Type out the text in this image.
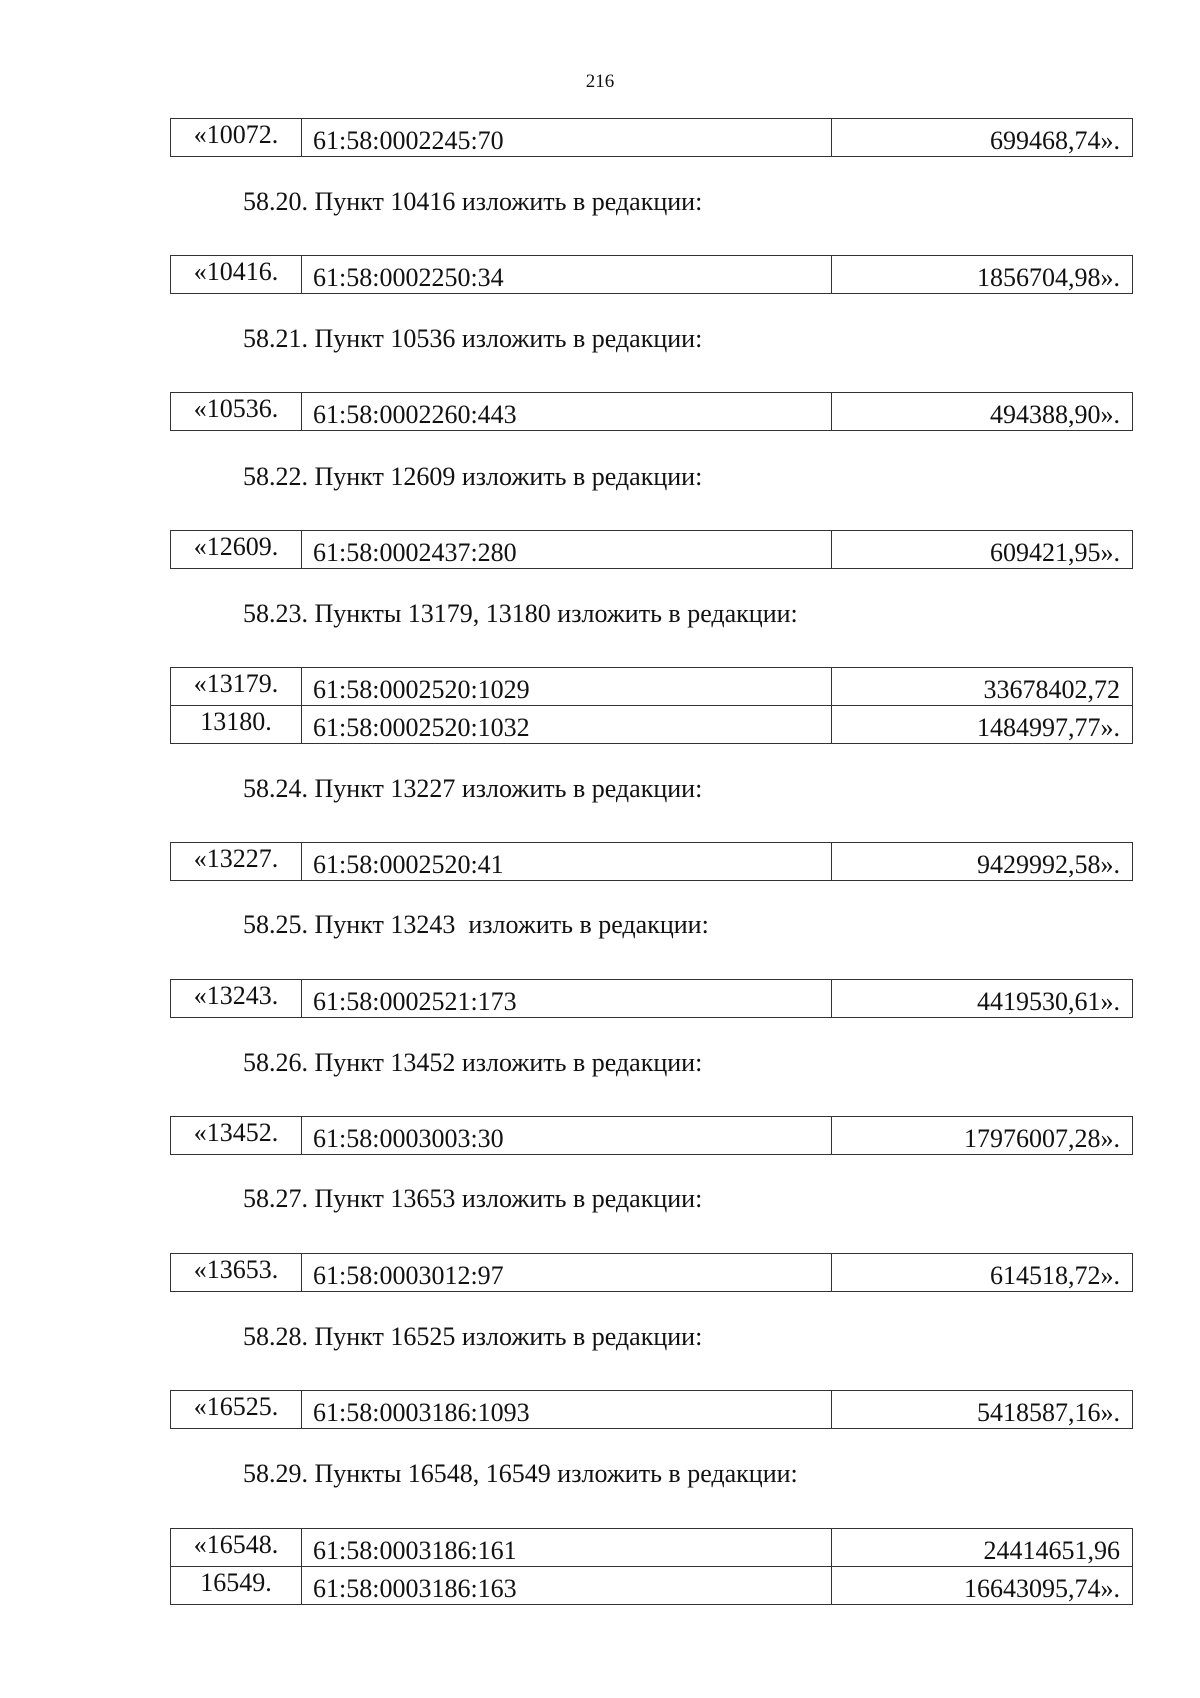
216
«10072.	61:58:0002245:70	699468,74».
58.20. Пункт 10416 изложить в редакции:
«10416.	61:58:0002250:34	1856704,98».
58.21. Пункт 10536 изложить в редакции:
«10536.	61:58:0002260:443	494388,90».
58.22. Пункт 12609 изложить в редакции:
«12609.	61:58:0002437:280	609421,95».
58.23. Пункты 13179, 13180 изложить в редакции:
«13179.	61:58:0002520:1029	33678402,72
13180.	61:58:0002520:1032	1484997,77».
58.24. Пункт 13227 изложить в редакции:
«13227.	61:58:0002520:41	9429992,58».
58.25. Пункт 13243  изложить в редакции:
«13243.	61:58:0002521:173	4419530,61».
58.26. Пункт 13452 изложить в редакции:
«13452.	61:58:0003003:30	17976007,28».
58.27. Пункт 13653 изложить в редакции:
«13653.	61:58:0003012:97	614518,72».
58.28. Пункт 16525 изложить в редакции:
«16525.	61:58:0003186:1093	5418587,16».
58.29. Пункты 16548, 16549 изложить в редакции:
«16548.	61:58:0003186:161	24414651,96
16549.	61:58:0003186:163	16643095,74».
